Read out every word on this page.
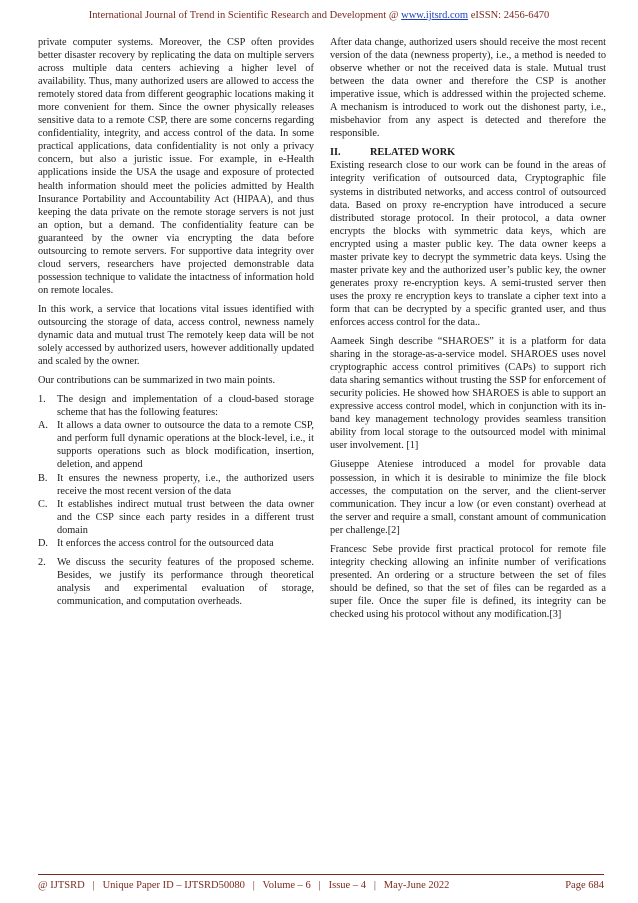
International Journal of Trend in Scientific Research and Development @ www.ijtsrd.com eISSN: 2456-6470

private computer systems. Moreover, the CSP often provides better disaster recovery by replicating the data on multiple servers across multiple data centers achieving a higher level of availability. Thus, many authorized users are allowed to access the remotely stored data from different geographic locations making it more convenient for them. Since the owner physically releases sensitive data to a remote CSP, there are some concerns regarding confidentiality, integrity, and access control of the data. In some practical applications, data confidentiality is not only a privacy concern, but also a juristic issue. For example, in e-Health applications inside the USA the usage and exposure of protected health information should meet the policies admitted by Health Insurance Portability and Accountability Act (HIPAA), and thus keeping the data private on the remote storage servers is not just an option, but a demand. The confidentiality feature can be guaranteed by the owner via encrypting the data before outsourcing to remote servers. For supportive data integrity over cloud servers, researchers have projected demonstrable data possession technique to validate the intactness of information hold on remote locales.

In this work, a service that locations vital issues identified with outsourcing the storage of data, access control, newness namely dynamic data and mutual trust The remotely keep data will be not solely accessed by authorized users, however additionally updated and scaled by the owner.

Our contributions can be summarized in two main points.

1.	The design and implementation of a cloud-based storage scheme that has the following features:
A. It allows a data owner to outsource the data to a remote CSP, and perform full dynamic operations at the block-level, i.e., it supports operations such as block modification, insertion, deletion, and append
B. It ensures the newness property, i.e., the authorized users receive the most recent version of the data
C. It establishes indirect mutual trust between the data owner and the CSP since each party resides in a different trust domain
D. It enforces the access control for the outsourced data
2.	We discuss the security features of the proposed scheme. Besides, we justify its performance through theoretical analysis and experimental evaluation of storage, communication, and computation overheads.

After data change, authorized users should receive the most recent version of the data (newness property), i.e., a method is needed to observe whether or not the received data is stale. Mutual trust between the data owner and therefore the CSP is another imperative issue, which is addressed within the projected scheme. A mechanism is introduced to work out the dishonest party, i.e., misbehavior from any aspect is detected and therefore the responsible.

II.	RELATED WORK

Existing research close to our work can be found in the areas of integrity verification of outsourced data, Cryptographic file systems in distributed networks, and access control of outsourced data. Based on proxy re-encryption have introduced a secure distributed storage protocol. In their protocol, a data owner encrypts the blocks with symmetric data keys, which are encrypted using a master public key. The data owner keeps a master private key to decrypt the symmetric data keys. Using the master private key and the authorized user’s public key, the owner generates proxy re-encryption keys. A semi-trusted server then uses the proxy re encryption keys to translate a cipher text into a form that can be decrypted by a specific granted user, and thus enforces access control for the data..

Aameek Singh describe “SHAROES” it is a platform for data sharing in the storage-as-a-service model. SHAROES uses novel cryptographic access control primitives (CAPs) to support rich data sharing semantics without trusting the SSP for enforcement of security policies. He showed how SHAROES is able to support an expressive access control model, which in conjunction with its in-band key management technology provides seamless transition ability from local storage to the outsourced model with minimal user involvement. [1]

Giuseppe Ateniese introduced a model for provable data possession, in which it is desirable to minimize the file block accesses, the computation on the server, and the client-server communication. They incur a low (or even constant) overhead at the server and require a small, constant amount of communication per challenge.[2]

Francesc Sebe provide first practical protocol for remote file integrity checking allowing an infinite number of verifications presented. An ordering or a structure between the set of files should be defined, so that the set of files can be regarded as a super file. Once the super file is defined, its integrity can be checked using his protocol without any modification.[3]

@ IJTSRD   |   Unique Paper ID – IJTSRD50080   |   Volume – 6   |   Issue – 4   |   May-June 2022	Page 684
